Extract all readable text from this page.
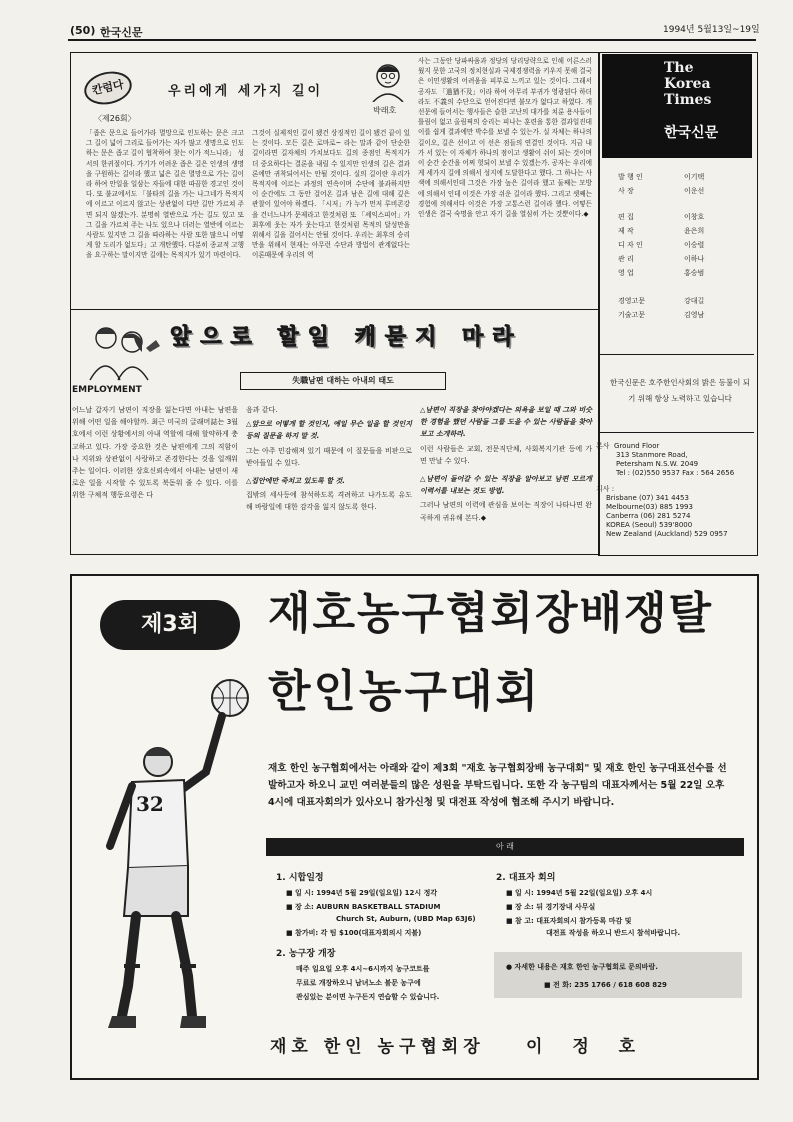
(50) 한국신문	1994년 5월13일~19일
칸럼다	우리에게 세가지 길이
박래호
〈제26회〉
「좁은 문으로 들어가라 멸망으로 인도하는 문은 크고 그 길이 넓어 그리로 들어가는 자가 많고 생명으로 인도하는 문은 좁고 길이 협착하여 찾는 이가 적느니라」 성서의 한귀절이다. 가기가 어려운 좁은 길은 인생의 생명을 구원하는 길이라 했고 넓은 길은 멸망으로 가는 길이라 하여 안일을 일삼는 자들에 대한 따끔한 경고인 것이다. 또 불교에서도 「불타의 길을 가는 나그네가 목적지에 이르고 이르지 않고는 상관없이 다만 길만 가르쳐 주면 되지 않겠는가. 분명히 열반으로 가는 길도 있고 또 그 길을 가르쳐 주는 나도 있으나 더러는 열반에 이르는 사람도 있지만 그 길을 따라하는 사람 또한 많으니 어떻게 할 도리가 없도다」고 개탄했다. 다분히 종교적 고행을 요구하는 말이지만 길에는 목적지가 있기 마련이다.
그것이 실제적인 길이 됐건 상징적인 길이 됐건 끝이 있는 것이다. 모든 길은 로마로~ 라는 말과 같이 단순한 길이라면 길자체의 가치보다도 길의 종점인 목적지가 더 중요하다는 결론을 내릴 수 있지만 인생의 길은 결과론에만 귀착되어서는 안될 것이다. 실의 길이란 우리가 목적지에 이르는 과정의 연속이며 수단에 불과하지만 이 순간에도 그 동안 걸어온 길과 남은 길에 대해 깊은 관찰이 있어야 하겠다. 「시저」가 누가 먼저 루비콘강을 건너느냐가 문제라고 한것처럼 또 「셰익스피어」가 최후에 웃는 자가 웃는다고 한것처럼 목적의 달성만을 위해서 길을 걸어서는 안될 것이다. 우리는 최후의 승리만을 위해서 현재는 아무런 수단과 방법이 관계없다는 이론때문에 우리의 역
사는 그동안 당파싸움과 정당의 당리당략으로 인해 어른스러웠지 못한 고국의 정치현실과 국제경쟁력을 키우지 못해 결국은 이민생활의 어려움을 피부로 느끼고 있는 것이다. 그래서 공자도 「過猶不及」이라 하여 아무리 부귀가 영광된다 하더라도 不義의 수단으로 얻어진다면 불모가 없다고 하였다. 개선문에 들어서는 행사들은 슬한 고난의 대가를 치룬 용사들이 틀림이 없고 올림픽의 승리는 피나는 훈련을 통한 결과일진데 이를 쉽게 결과에만 박수를 보낼 수 있는가. 실 자체는 하나의 길이오, 길은 선이고 이 선은 점들의 연결인 것이다. 지금 내가 서 있는 이 자체가 하나의 점이고 생활이 쉬이 되는 것이며 이 순간 순간을 어찌 헛되이 보낼 수 있겠는가. 공자는 우리에게 세가지 길에 의해서 성지에 도달한다고 했다. 그 하나는 사색에 의해서인데 그것은 가장 높은 길이라 했고 둘째는 모방에 의해서 인데 이것은 가장 쉬운 길이라 했다. 그리고 셋째는 경험에 의해서다 이것은 가장 고통스런 길이라 했다. 어떻든 인생은 결국 숙명을 안고 자기 길을 열심히 가는 것뿐이다.◆
The
Korea
Times
한국신문
발 행 인	이기택
사 장	이운선
편 집	이창호
제 작	윤은희
디 자 인	이승렬
관 리	이하나
영 업	홍승범
경영고문	강대길
기술고문	김영남
한국신문은 호주한인사회의 밝은 등불이 되기 위해 항상 노력하고 있습니다
본사 Ground Floor
313 Stanmore Road,
Petersham N.S.W. 2049
Tel : (02)550 9537 Fax : 564 2656
지사 :
Brisbane (07) 341 4453
Melbourne(03) 885 1993
Canberra (06) 281 5274
KOREA (Seoul) 539'8000
New Zealand (Auckland) 529 0957
앞으로 할일 캐묻지 마라
EMPLOYMENT
失職남편 대하는 아내의 태도
어느날 갑자기 남편이 직장을 잃는다면 아내는 남편을 위해 어떤 일을 해야할까. 최근 미국의 글래머誌는 3월호에서 이런 상황에서의 아내 역할에 대해 할약하게 충고하고 있다. 가장 중요한 것은 남편에게 그의 직함이나 지위와 상관없이 사랑하고 존경한다는 것을 일깨워 주는 일이다. 이러한 상호신뢰속에서 아내는 남편이 새로운 일을 시작할 수 있도록 북돋워 줄 수 있다. 이를 위한 구체적 행동요령은 다

음과 같다.

△앞으로 어떻게 할 것인지, 예일 무슨 일을 할 것인지등의 질문을 하지 말 것.

그는 아주 민감해져 있기 때문에 이 질문들을 비판으로 받아들일 수 있다.

△집안에만 죽치고 있도록 할 것.

집밖의 세사등에 참석하도록 격려하고 나가도록 유도해 바람일에 대한 감각을 잃지 않도록 한다.

△남편이 직장을 찾아야겠다는 의욕을 보일 때 그와 비슷한 경험을 했던 사람들 그룹 도을 수 있는 사람들을 찾아보고 소개하라.

이런 사람들은 교회, 전문직단체, 사회복지기관 등에 가면 만날 수 있다.

△남편이 들어갈 수 있는 직장을 알아보고 남편 모르게 이력서를 내보는 것도 방법.

그러나 남편의 이력에 관심을 보이는 직장이 나타나면 완곡하게 귀유해 본다.◆

제3회	재호농구협회장배쟁탈
한인농구대회
32
재호 한인 농구협회에서는 아래와 같이 제3회 "재호 농구협회장배 농구대회" 및 재호 한인 농구대표선수를 선발하고자 하오니 교민 여러분들의 많은 성원을 부탁드립니다. 또한 각 농구팀의 대표자께서는 5월 22일 오후 4시에 대표자회의가 있사오니 참가신청 및 대전표 작성에 협조해 주시기 바랍니다.
아 래
1. 시합일정
■ 일 시: 1994년 5월 29일(일요일) 12시 정각
■ 장 소: AUBURN BASKETBALL STADIUM
Church St, Auburn, (UBD Map 63J6)
■ 참가비: 각 팀 $100(대표자회의시 지불)
2. 농구장 개장
매주 일요일 오후 4시~6시까지 농구코트를
무료로 개장하오니 남녀노소 불문 농구에
관심있는 분이면 누구든지 연습할 수 있습니다.
2. 대표자 회의
■ 일 시: 1994년 5월 22일(일요일) 오후 4시
■ 장 소: 뒤 경기장내 사무실
■ 참 고: 대표자회의시 참가등록 마감 및
대전표 작성을 하오니 반드시 참석바랍니다.
● 자세한 내용은 재호 한인 농구협회로 문의바람.
■ 전 화: 235 1766 / 618 608 829
재호 한인 농구협회장 이 정 호
